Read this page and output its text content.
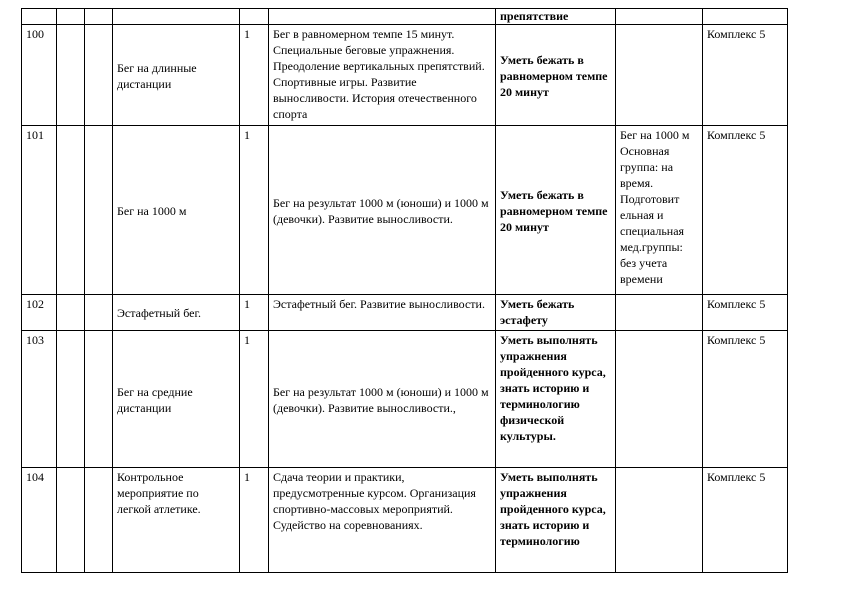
						препятствие		
100			Бег на длинные дистанции	1	Бег в равномерном темпе 15 минут. Специальные беговые упражнения. Преодоление вертикальных препятствий. Спортивные игры. Развитие выносливости. История отечественного спорта	Уметь бежать в равномерном темпе 20 минут		Комплекс 5
101			Бег на 1000 м	1	Бег на результат 1000 м (юноши) и 1000 м (девочки). Развитие выносливости.	Уметь бежать в равномерном темпе 20 минут	Бег на 1000 м Основная группа: на время. Подготовит ельная и специальная мед.группы: без учета времени	Комплекс 5
102			Эстафетный бег.	1	Эстафетный бег. Развитие выносливости.	Уметь бежать эстафету		Комплекс 5
103			Бег на средние дистанции	1	Бег на результат 1000 м (юноши) и 1000 м (девочки). Развитие выносливости.,	Уметь выполнять упражнения пройденного курса, знать историю и терминологию физической культуры.		Комплекс 5
104			Контрольное мероприятие по легкой атлетике.	1	Сдача теории и практики, предусмотренные курсом. Организация спортивно-массовых мероприятий. Судейство на соревнованиях.	Уметь выполнять упражнения пройденного курса, знать историю и терминологию		Комплекс 5
